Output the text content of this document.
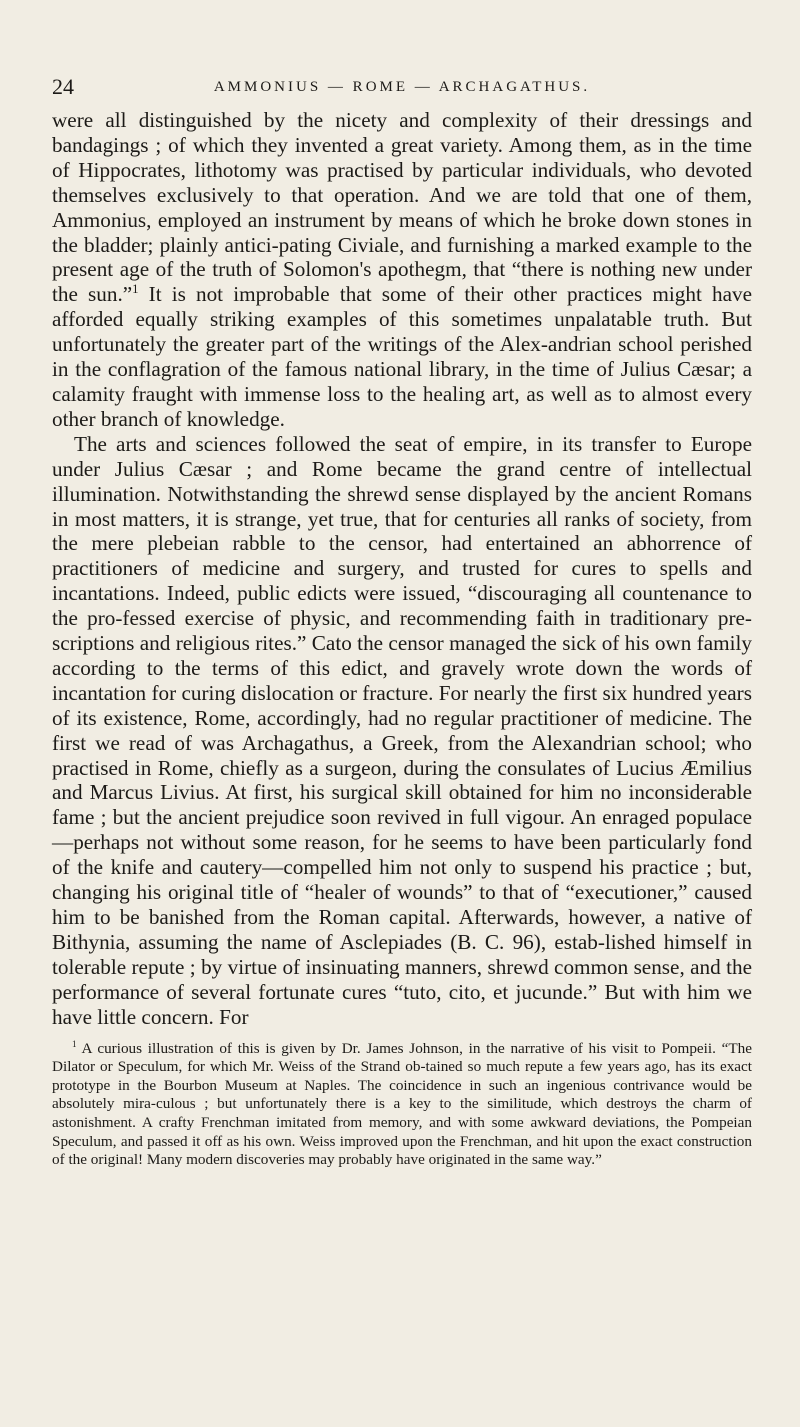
24	AMMONIUS — ROME — ARCHAGATHUS.

were all distinguished by the nicety and complexity of their dressings and bandagings ; of which they invented a great variety. Among them, as in the time of Hippocrates, lithotomy was practised by particular individuals, who devoted themselves exclusively to that operation. And we are told that one of them, Ammonius, employed an instrument by means of which he broke down stones in the bladder; plainly antici-pating Civiale, and furnishing a marked example to the present age of the truth of Solomon's apothegm, that “there is nothing new under the sun.”$^1$ It is not improbable that some of their other practices might have afforded equally striking examples of this sometimes unpalatable truth. But unfortunately the greater part of the writings of the Alex-andrian school perished in the conflagration of the famous national library, in the time of Julius Cæsar; a calamity fraught with immense loss to the healing art, as well as to almost every other branch of knowledge.

The arts and sciences followed the seat of empire, in its transfer to Europe under Julius Cæsar ; and Rome became the grand centre of intellectual illumination. Notwithstanding the shrewd sense displayed by the ancient Romans in most matters, it is strange, yet true, that for centuries all ranks of society, from the mere plebeian rabble to the censor, had entertained an abhorrence of practitioners of medicine and surgery, and trusted for cures to spells and incantations. Indeed, public edicts were issued, “discouraging all countenance to the pro-fessed exercise of physic, and recommending faith in traditionary pre-scriptions and religious rites.” Cato the censor managed the sick of his own family according to the terms of this edict, and gravely wrote down the words of incantation for curing dislocation or fracture. For nearly the first six hundred years of its existence, Rome, accordingly, had no regular practitioner of medicine. The first we read of was Archagathus, a Greek, from the Alexandrian school; who practised in Rome, chiefly as a surgeon, during the consulates of Lucius Æmilius and Marcus Livius. At first, his surgical skill obtained for him no inconsiderable fame ; but the ancient prejudice soon revived in full vigour. An enraged populace—perhaps not without some reason, for he seems to have been particularly fond of the knife and cautery—compelled him not only to suspend his practice ; but, changing his original title of “healer of wounds” to that of “executioner,” caused him to be banished from the Roman capital. Afterwards, however, a native of Bithynia, assuming the name of Asclepiades (B. C. 96), estab-lished himself in tolerable repute ; by virtue of insinuating manners, shrewd common sense, and the performance of several fortunate cures “tuto, cito, et jucunde.” But with him we have little concern. For

$^1$ A curious illustration of this is given by Dr. James Johnson, in the narrative of his visit to Pompeii. “The Dilator or Speculum, for which Mr. Weiss of the Strand ob-tained so much repute a few years ago, has its exact prototype in the Bourbon Museum at Naples. The coincidence in such an ingenious contrivance would be absolutely mira-culous ; but unfortunately there is a key to the similitude, which destroys the charm of astonishment. A crafty Frenchman imitated from memory, and with some awkward deviations, the Pompeian Speculum, and passed it off as his own. Weiss improved upon the Frenchman, and hit upon the exact construction of the original! Many modern discoveries may probably have originated in the same way.”
